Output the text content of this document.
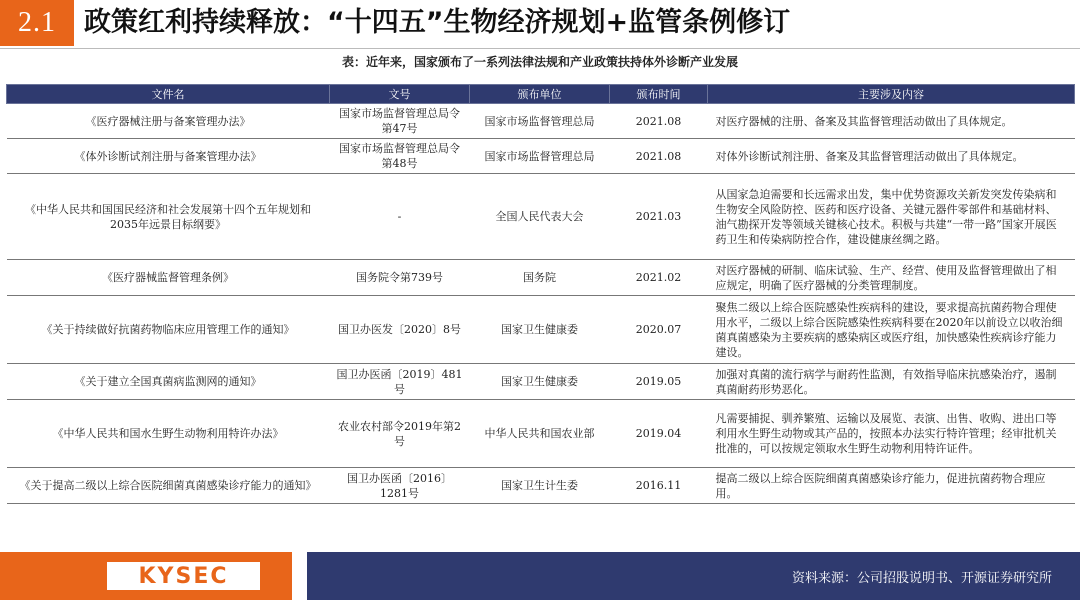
2.1	政策红利持续释放：“十四五”生物经济规划+监管条例修订
表：近年来，国家颁布了一系列法律法规和产业政策扶持体外诊断产业发展
文件名	文号	颁布单位	颁布时间	主要涉及内容
《医疗器械注册与备案管理办法》	国家市场监督管理总局令第47号	国家市场监督管理总局	2021.08	对医疗器械的注册、备案及其监督管理活动做出了具体规定。
《体外诊断试剂注册与备案管理办法》	国家市场监督管理总局令第48号	国家市场监督管理总局	2021.08	对体外诊断试剂注册、备案及其监督管理活动做出了具体规定。
《中华人民共和国国民经济和社会发展第十四个五年规划和2035年远景目标纲要》	-	全国人民代表大会	2021.03	从国家急迫需要和长远需求出发，集中优势资源攻关新发突发传染病和生物安全风险防控、医药和医疗设备、关键元器件零部件和基础材料、油气勘探开发等领域关键核心技术。积极与共建“一带一路”国家开展医药卫生和传染病防控合作，建设健康丝绸之路。
《医疗器械监督管理条例》	国务院令第739号	国务院	2021.02	对医疗器械的研制、临床试验、生产、经营、使用及监督管理做出了相应规定，明确了医疗器械的分类管理制度。
《关于持续做好抗菌药物临床应用管理工作的通知》	国卫办医发〔2020〕8号	国家卫生健康委	2020.07	聚焦二级以上综合医院感染性疾病科的建设，要求提高抗菌药物合理使用水平，二级以上综合医院感染性疾病科要在2020年以前设立以收治细菌真菌感染为主要疾病的感染病区或医疗组，加快感染性疾病诊疗能力建设。
《关于建立全国真菌病监测网的通知》	国卫办医函〔2019〕481号	国家卫生健康委	2019.05	加强对真菌的流行病学与耐药性监测，有效指导临床抗感染治疗，遏制真菌耐药形势恶化。
《中华人民共和国水生野生动物利用特许办法》	农业农村部令2019年第2号	中华人民共和国农业部	2019.04	凡需要捕捉、驯养繁殖、运输以及展览、表演、出售、收购、进出口等利用水生野生动物或其产品的，按照本办法实行特许管理；经审批机关批准的，可以按规定领取水生野生动物利用特许证件。
《关于提高二级以上综合医院细菌真菌感染诊疗能力的通知》	国卫办医函〔2016〕1281号	国家卫生计生委	2016.11	提高二级以上综合医院细菌真菌感染诊疗能力，促进抗菌药物合理应用。
KYSEC	资料来源：公司招股说明书、开源证券研究所
